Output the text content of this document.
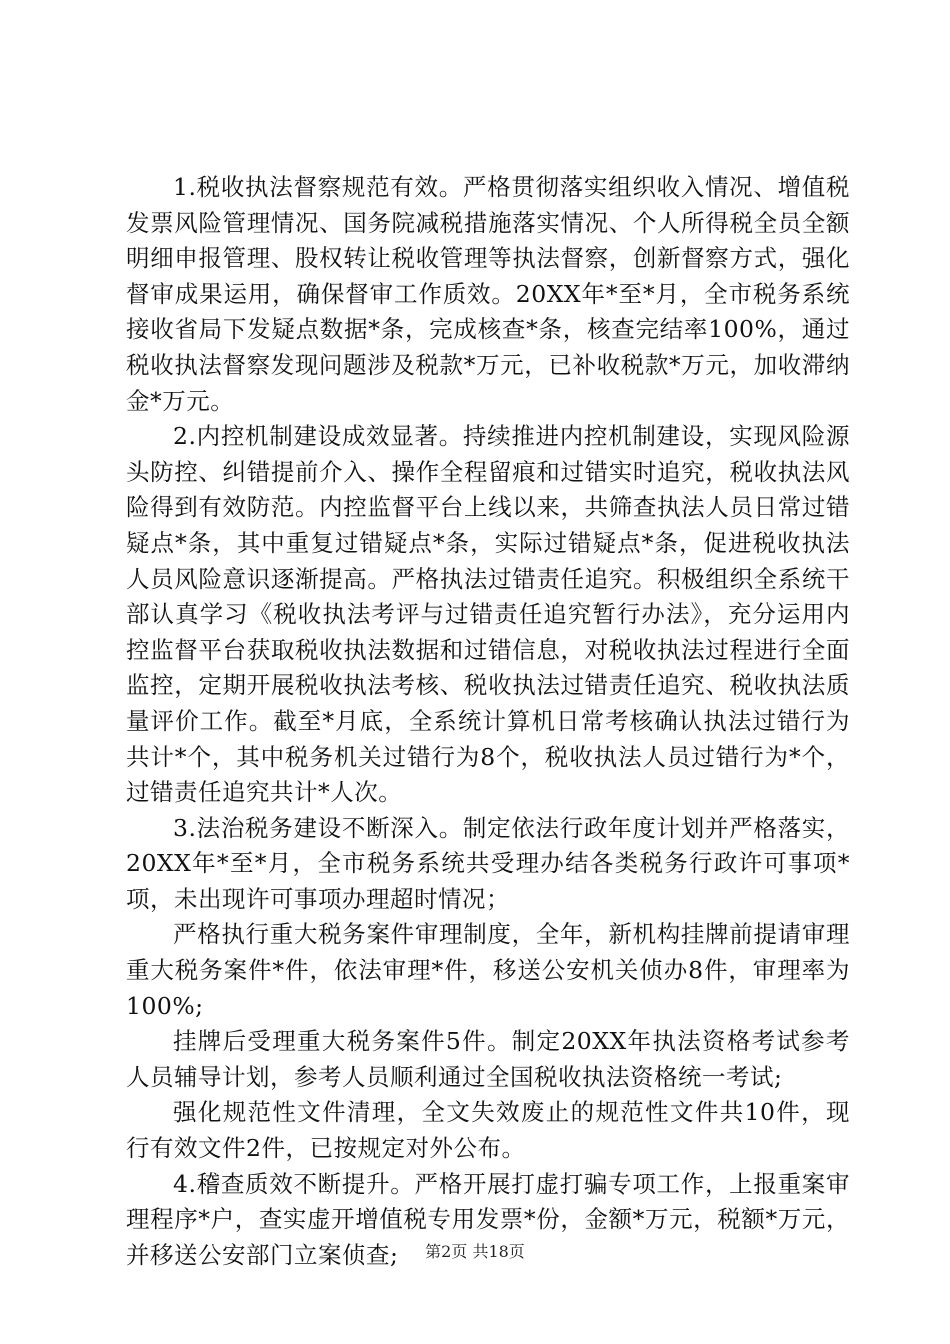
1.税收执法督察规范有效。严格贯彻落实组织收入情况、增值税发票风险管理情况、国务院减税措施落实情况、个人所得税全员全额明细申报管理、股权转让税收管理等执法督察，创新督察方式，强化督审成果运用，确保督审工作质效。20XX年*至*月，全市税务系统接收省局下发疑点数据*条，完成核查*条，核查完结率100%，通过税收执法督察发现问题涉及税款*万元，已补收税款*万元，加收滞纳金*万元。

2.内控机制建设成效显著。持续推进内控机制建设，实现风险源头防控、纠错提前介入、操作全程留痕和过错实时追究，税收执法风险得到有效防范。内控监督平台上线以来，共筛查执法人员日常过错疑点*条，其中重复过错疑点*条，实际过错疑点*条，促进税收执法人员风险意识逐渐提高。严格执法过错责任追究。积极组织全系统干部认真学习《税收执法考评与过错责任追究暂行办法》，充分运用内控监督平台获取税收执法数据和过错信息，对税收执法过程进行全面监控，定期开展税收执法考核、税收执法过错责任追究、税收执法质量评价工作。截至*月底，全系统计算机日常考核确认执法过错行为共计*个，其中税务机关过错行为8个，税收执法人员过错行为*个，过错责任追究共计*人次。

3.法治税务建设不断深入。制定依法行政年度计划并严格落实，20XX年*至*月，全市税务系统共受理办结各类税务行政许可事项*项，未出现许可事项办理超时情况；

严格执行重大税务案件审理制度，全年，新机构挂牌前提请审理重大税务案件*件，依法审理*件，移送公安机关侦办8件，审理率为100%;

挂牌后受理重大税务案件5件。制定20XX年执法资格考试参考人员辅导计划，参考人员顺利通过全国税收执法资格统一考试;

强化规范性文件清理，全文失效废止的规范性文件共10件，现行有效文件2件，已按规定对外公布。

4.稽查质效不断提升。严格开展打虚打骗专项工作，上报重案审理程序*户，查实虚开增值税专用发票*份，金额*万元，税额*万元，并移送公安部门立案侦查;	第2页 共18页
